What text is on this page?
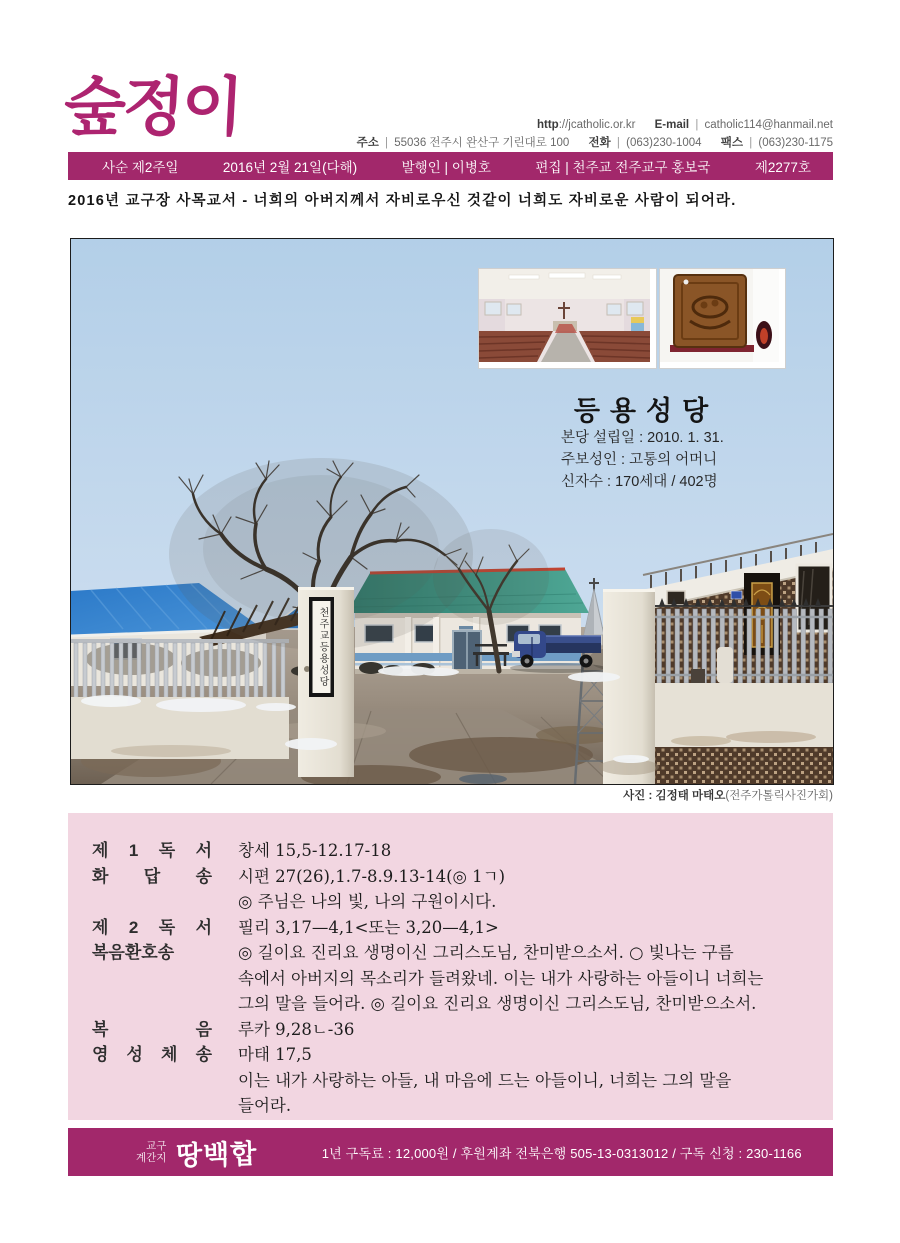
숲정이	http://jcatholic.or.kr E-mail | catholic114@hanmail.net
주소 | 55036 전주시 완산구 기린대로 100 전화 | (063)230-1004 팩스 | (063)230-1175
사순 제2주일	2016년 2월 21일(다해)	발행인 | 이병호	편집 | 천주교 전주교구 홍보국	제2277호
2016년 교구장 사목교서 - 너희의 아버지께서 자비로우신 것같이 너희도 자비로운 사람이 되어라.
등용성당
본당 설립일 : 2010. 1. 31.
주보성인 : 고통의 어머니
신자수 : 170세대 / 402명
천주교등용성당
사진 : 김정태 마태오(전주가톨릭사진가회)
제 1 독 서 창세 15,5-12.17-18
화 답 송 시편 27(26),1.7-8.9.13-14(◎ 1ㄱ)
◎ 주님은 나의 빛, 나의 구원이시다.
제 2 독 서 필리 3,17—4,1<또는 3,20—4,1>
복음환호송	◎ 길이요 진리요 생명이신 그리스도님, 찬미받으소서. ○ 빛나는 구름
속에서 아버지의 목소리가 들려왔네. 이는 내가 사랑하는 아들이니 너희는
그의 말을 들어라. ◎ 길이요 진리요 생명이신 그리스도님, 찬미받으소서.
복 음 루카 9,28ㄴ-36
영 성 체 송 마태 17,5
이는 내가 사랑하는 아들, 내 마음에 드는 아들이니, 너희는 그의 말을
들어라.
교구
계간지 땅백합	1년 구독료 : 12,000원 / 후원계좌 전북은행 505-13-0313012 / 구독 신청 : 230-1166
